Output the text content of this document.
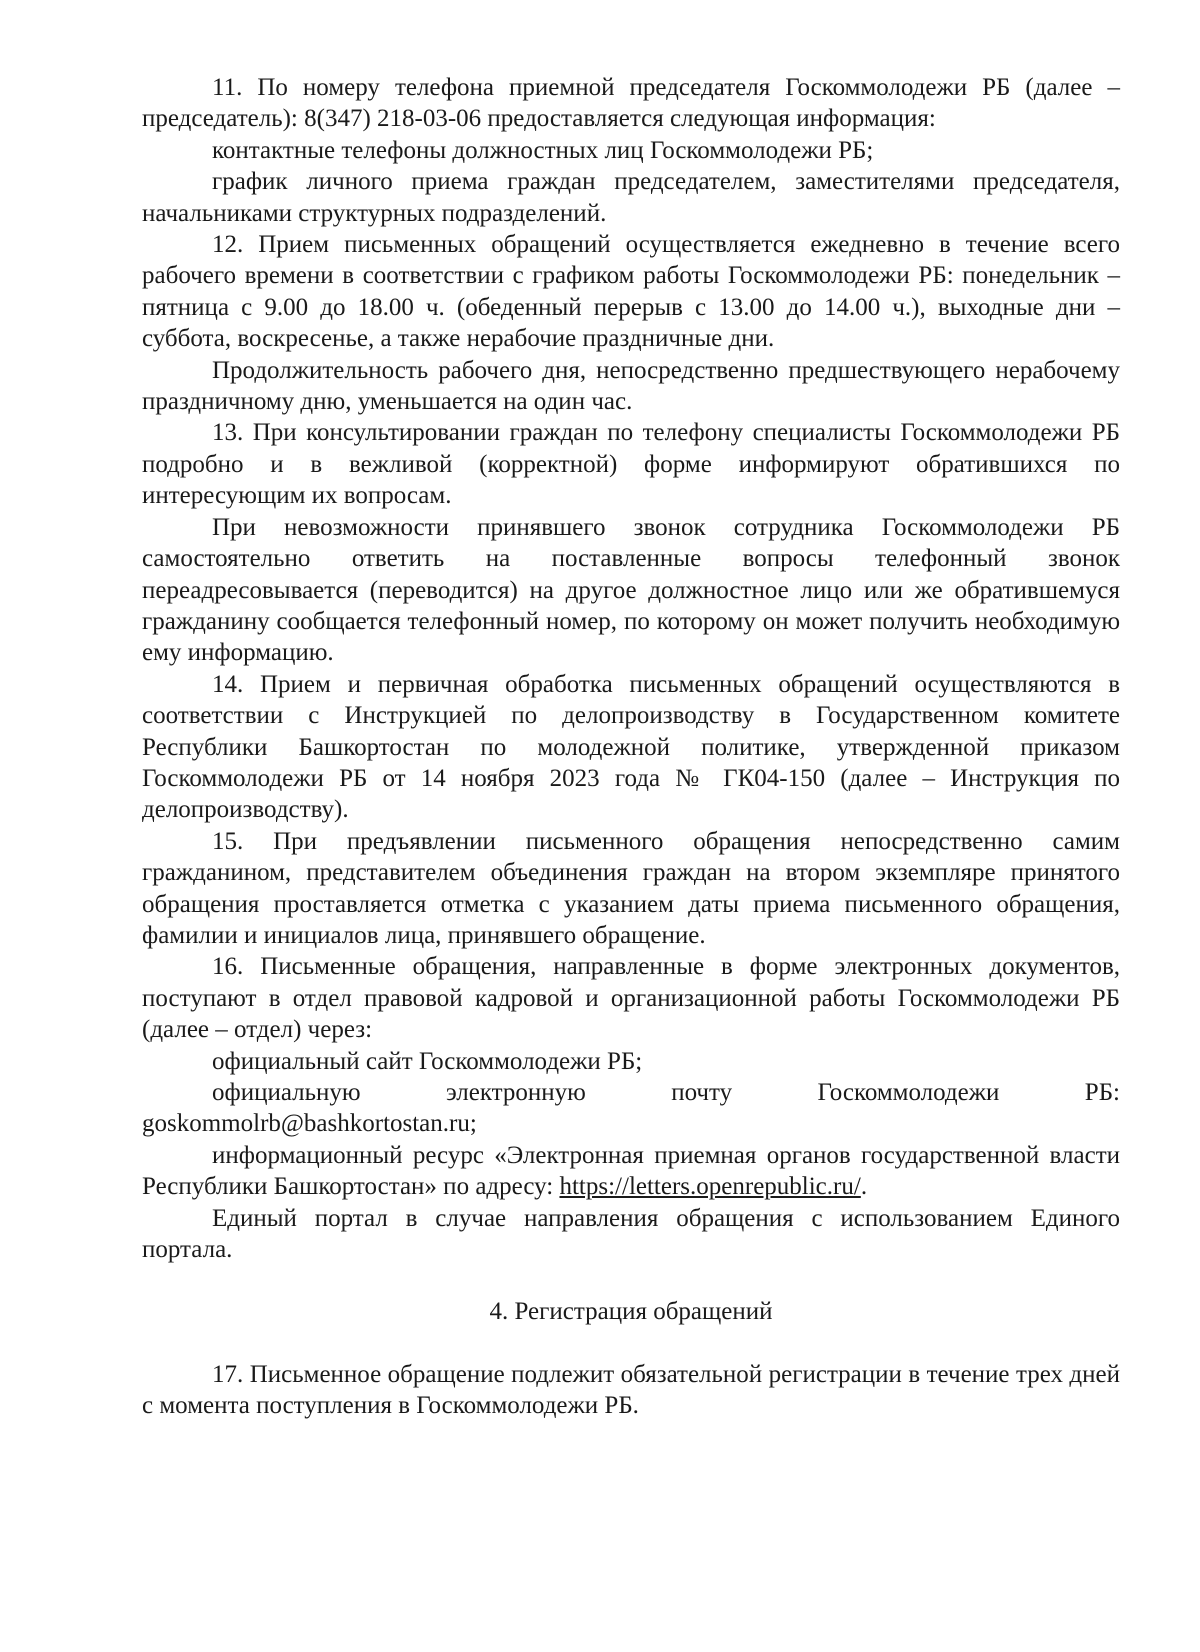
11. По номеру телефона приемной председателя Госкоммолодежи РБ (далее – председатель): 8(347) 218-03-06 предоставляется следующая информация:

контактные телефоны должностных лиц Госкоммолодежи РБ;

график личного приема граждан председателем, заместителями председателя, начальниками структурных подразделений.

12. Прием письменных обращений осуществляется ежедневно в течение всего рабочего времени в соответствии с графиком работы Госкоммолодежи РБ: понедельник – пятница с 9.00 до 18.00 ч. (обеденный перерыв с 13.00 до 14.00 ч.), выходные дни – суббота, воскресенье, а также нерабочие праздничные дни.

Продолжительность рабочего дня, непосредственно предшествующего нерабочему праздничному дню, уменьшается на один час.

13. При консультировании граждан по телефону специалисты Госкоммолодежи РБ подробно и в вежливой (корректной) форме информируют обратившихся по интересующим их вопросам.

При невозможности принявшего звонок сотрудника Госкоммолодежи РБ самостоятельно ответить на поставленные вопросы телефонный звонок переадресовывается (переводится) на другое должностное лицо или же обратившемуся гражданину сообщается телефонный номер, по которому он может получить необходимую ему информацию.

14. Прием и первичная обработка письменных обращений осуществляются в соответствии с Инструкцией по делопроизводству в Государственном комитете Республики Башкортостан по молодежной политике, утвержденной приказом Госкоммолодежи РБ от 14 ноября 2023 года № ГК04-150 (далее – Инструкция по делопроизводству).

15. При предъявлении письменного обращения непосредственно самим гражданином, представителем объединения граждан на втором экземпляре принятого обращения проставляется отметка с указанием даты приема письменного обращения, фамилии и инициалов лица, принявшего обращение.

16. Письменные обращения, направленные в форме электронных документов, поступают в отдел правовой кадровой и организационной работы Госкоммолодежи РБ (далее – отдел) через:

официальный сайт Госкоммолодежи РБ;

официальную электронную почту Госкоммолодежи РБ: goskommolrb@bashkortostan.ru;

информационный ресурс «Электронная приемная органов государственной власти Республики Башкортостан» по адресу: https://letters.openrepublic.ru/.

Единый портал в случае направления обращения с использованием Единого портала.

4. Регистрация обращений

17. Письменное обращение подлежит обязательной регистрации в течение трех дней с момента поступления в Госкоммолодежи РБ.
